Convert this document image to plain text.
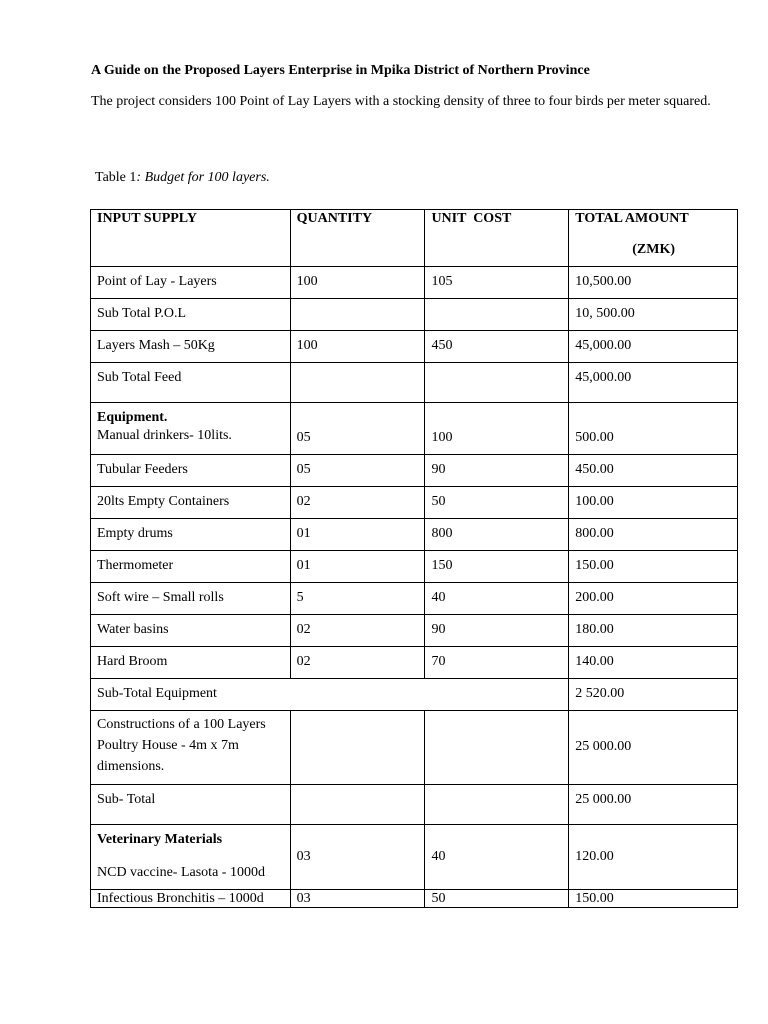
A Guide on the Proposed Layers Enterprise in Mpika District of Northern Province
The project considers 100 Point of Lay Layers with a stocking density of three to four birds per meter squared.
Table 1: Budget for 100 layers.
INPUT SUPPLY	QUANTITY	UNIT  COST	TOTAL AMOUNT
(ZMK)

Point of Lay - Layers	100	105	10,500.00
Sub Total P.O.L			10, 500.00
Layers Mash – 50Kg	100	450	45,000.00
Sub Total Feed			45,000.00

Equipment.
Manual drinkers- 10lits.	05	100	500.00
Tubular Feeders	05	90	450.00
20lts Empty Containers	02	50	100.00
Empty drums	01	800	800.00
Thermometer	01	150	150.00
Soft wire – Small rolls	5	40	200.00
Water basins	02	90	180.00
Hard Broom	02	70	140.00
Sub-Total Equipment			2 520.00
Constructions of a 100 Layers Poultry House - 4m x 7m dimensions.			25 000.00
Sub- Total			25 000.00

Veterinary Materials
NCD vaccine- Lasota - 1000d	03	40	120.00
Infectious Bronchitis – 1000d	03	50	150.00
